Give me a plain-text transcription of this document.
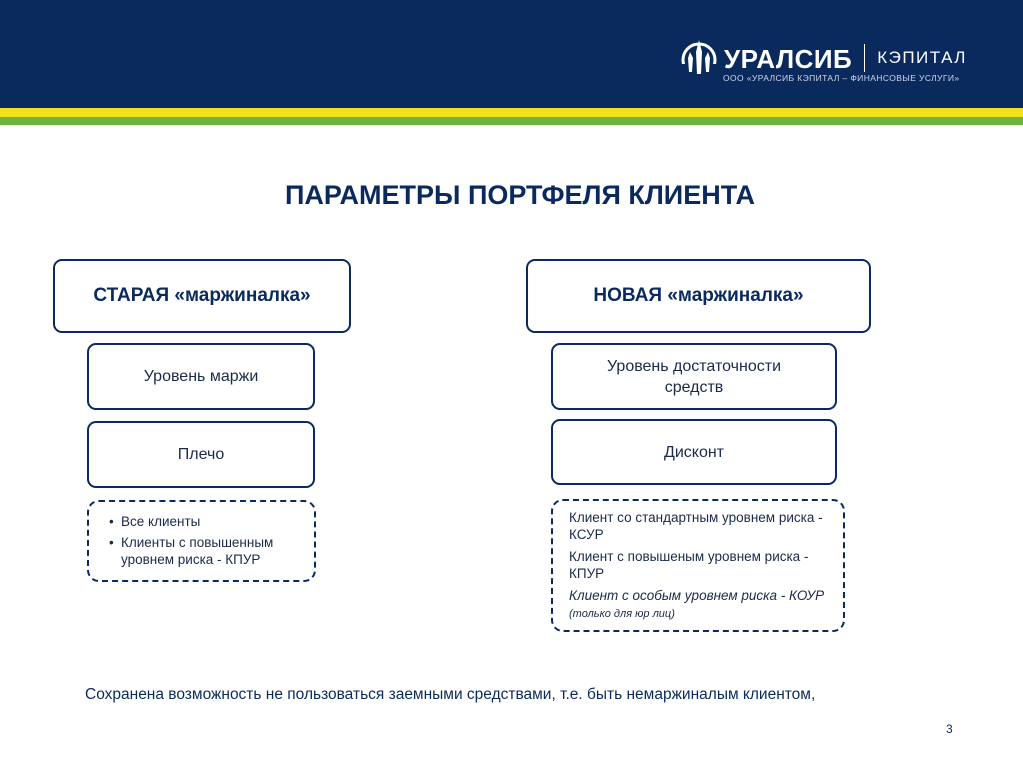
УРАЛСИБ КЭПИТАЛ
ООО «УРАЛСИБ КЭПИТАЛ – ФИНАНСОВЫЕ УСЛУГИ»
ПАРАМЕТРЫ ПОРТФЕЛЯ КЛИЕНТА
СТАРАЯ «маржиналка»
Уровень маржи
Плечо
• Все клиенты
• Клиенты с повышенным уровнем риска - КПУР
НОВАЯ «маржиналка»
Уровень достаточности средств
Дисконт

Клиент со стандартным уровнем риска - КСУР

Клиент с повышеным уровнем риска - КПУР

Клиент с особым уровнем риска - КОУР (только для юр лиц)

Сохранена возможность не пользоваться заемными средствами, т.е. быть немаржиналым клиентом,
3
